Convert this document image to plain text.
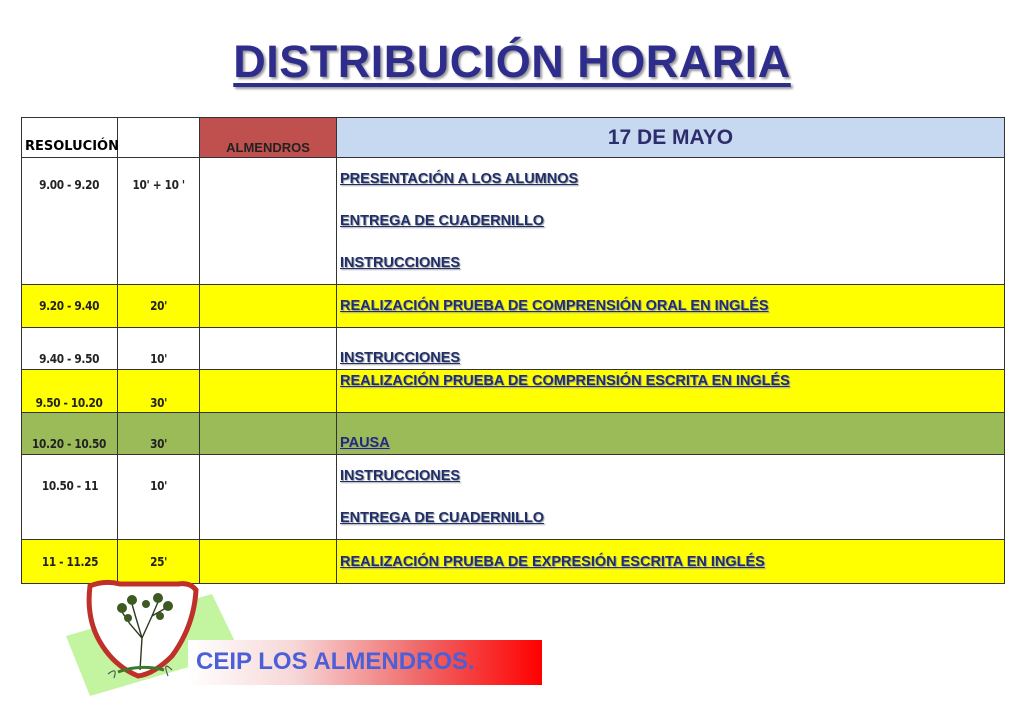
DISTRIBUCIÓN HORARIA
RESOLUCIÓN		ALMENDROS	17 DE MAYO
9.00 - 9.20	10' + 10 '		PRESENTACIÓN A LOS ALUMNOS
ENTREGA DE CUADERNILLO
INSTRUCCIONES

9.20 - 9.40	20'		REALIZACIÓN PRUEBA DE COMPRENSIÓN ORAL EN INGLÉS
9.40 - 9.50	10'		INSTRUCCIONES
9.50 - 10.20	30'		REALIZACIÓN PRUEBA DE COMPRENSIÓN ESCRITA EN INGLÉS
10.20 - 10.50	30'		PAUSA
10.50 - 11	10'		INSTRUCCIONES
ENTREGA DE CUADERNILLO

11 - 11.25	25'		REALIZACIÓN PRUEBA DE EXPRESIÓN ESCRITA EN INGLÉS
CEIP LOS ALMENDROS.
